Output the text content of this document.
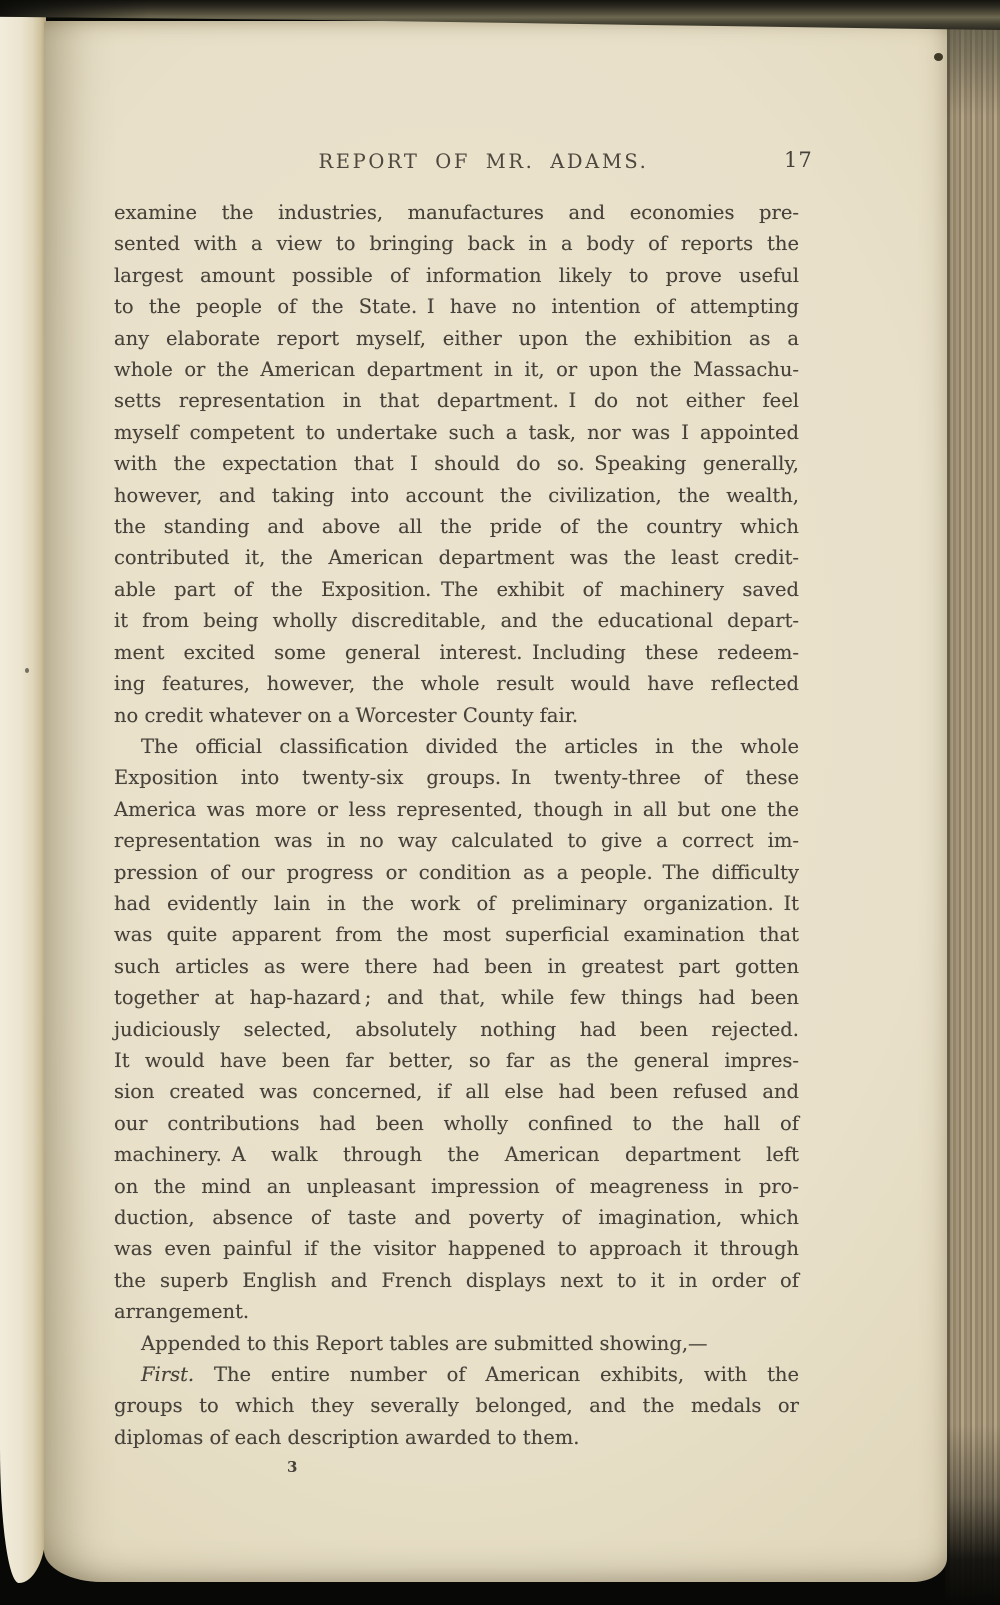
REPORT OF MR. ADAMS.	17
examine the industries, manufactures and economies pre-
sented with a view to bringing back in a body of reports the
largest amount possible of information likely to prove useful
to the people of the State. I have no intention of attempting
any elaborate report myself, either upon the exhibition as a
whole or the American department in it, or upon the Massachu-
setts representation in that department. I do not either feel
myself competent to undertake such a task, nor was I appointed
with the expectation that I should do so. Speaking generally,
however, and taking into account the civilization, the wealth,
the standing and above all the pride of the country which
contributed it, the American department was the least credit-
able part of the Exposition. The exhibit of machinery saved
it from being wholly discreditable, and the educational depart-
ment excited some general interest. Including these redeem-
ing features, however, the whole result would have reflected
no credit whatever on a Worcester County fair.
The official classification divided the articles in the whole
Exposition into twenty-six groups. In twenty-three of these
America was more or less represented, though in all but one the
representation was in no way calculated to give a correct im-
pression of our progress or condition as a people. The difficulty
had evidently lain in the work of preliminary organization. It
was quite apparent from the most superficial examination that
such articles as were there had been in greatest part gotten
together at hap-hazard ; and that, while few things had been
judiciously selected, absolutely nothing had been rejected.
It would have been far better, so far as the general impres-
sion created was concerned, if all else had been refused and
our contributions had been wholly confined to the hall of
machinery. A walk through the American department left
on the mind an unpleasant impression of meagreness in pro-
duction, absence of taste and poverty of imagination, which
was even painful if the visitor happened to approach it through
the superb English and French displays next to it in order of
arrangement.
Appended to this Report tables are submitted showing,—
First. The entire number of American exhibits, with the
groups to which they severally belonged, and the medals or
diplomas of each description awarded to them.
3
